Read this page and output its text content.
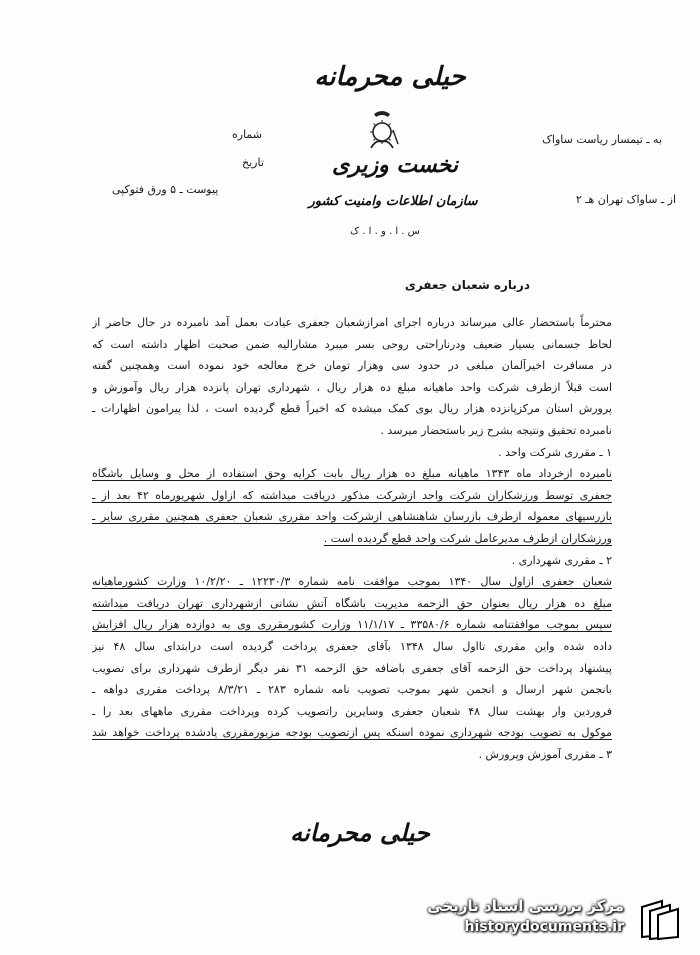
حیلی محرمانه
نخست وزیری
سازمان اطلاعات وامنیت کشور
س . ا . و . ا . ک
به ـ تیمسار ریاست ساواک
از ـ ساواک تهران هـ ۲
شماره
تاریخ
پیوست ـ ۵ ورق فتوکپی
درباره شعبان جعفری
محترماً باستحضار عالی میرساند درباره اجرای امرازشعبان جعفری عیادت بعمل آمد نامبرده در حال حاضر از
لحاظ جسمانی بسیار ضعیف ودرناراحتی روحی بسر میبرد مشارالیه ضمن صحبت اظهار داشته است که
در مسافرت اخیرآلمان مبلغی در حدود سی وهزار تومان خرج معالجه خود نموده است وهمچنین گفته
است قبلاً ازطرف شرکت واحد ماهیانه مبلغ ده هزار ریال ، شهرداری تهران پانزده هزار ریال وآموزش و
پرورش استان مرکزپانزده هزار ریال بوی کمک میشده که اخیراً قطع گردیده است ، لذا پیرامون اظهارات ـ
نامبرده تحقیق ونتیجه بشرح زیر باستحضار میرسد .
۱ ـ مقرری شرکت واحد .
نامبرده ازخرداد ماه ۱۳۴۳ ماهیانه مبلغ ده هزار ریال بابت کرایه وحق استفاده از محل و وسایل باشگاه
جعفری توسط ورزشکاران شرکت واحد ازشرکت مذکور دریافت میداشته که ازاول شهریورماه ۴۲ بعد از ـ
بازرسیهای معموله ازطرف بازرسان شاهنشاهی ازشرکت واحد مقرری شعبان جعفری همچنین مقرری سایر ـ
ورزشکاران ازطرف مدیرعامل شرکت واحد قطع گردیده است .
۲ ـ مقرری شهرداری .
شعبان جعفری ازاول سال ۱۳۴۰ بموجب موافقت نامه شماره ۱۲۲۳۰/۳ ـ ۱۰/۲/۲۰ وزارت کشورماهیانه
مبلغ ده هزار ریال بعنوان حق الزحمه مدیریت باشگاه آتش نشانی ازشهرداری تهران دریافت میداشته
سپس بموجب موافقتنامه شماره ۳۳۵۸۰/۶ ـ ۱۱/۱/۱۷ وزارت کشورمقرری وی به دوازده هزار ریال افزایش
داده شده واین مقرری تااول سال ۱۳۴۸ بآقای جعفری پرداخت گردیده است درابتدای سال ۴۸ نیز
پیشنهاد پرداخت حق الزحمه آقای جعفری باضافه حق الزحمه ۳۱ نفر دیگر ازطرف شهرداری برای تصویب
بانجمن شهر ارسال و انجمن شهر بموجب تصویب نامه شماره ۲۸۳ ـ ۸/۳/۲۱ پرداخت مقرری دواهه ـ
فروردین وار بهشت سال ۴۸ شعبان جعفری وسایرین راتصویب کرده وپرداخت مقرری ماههای بعد را ـ
موکول به تصویب بودجه شهرداری نموده اسنکه پس ازتصویب بودجه مزبورمقرری یادشده پرداخت خواهد شد
۳ ـ مقرری آموزش وپرورش .
حیلی محرمانه
مرکز بررسی اسناد تاریخی
historydocuments.ir
